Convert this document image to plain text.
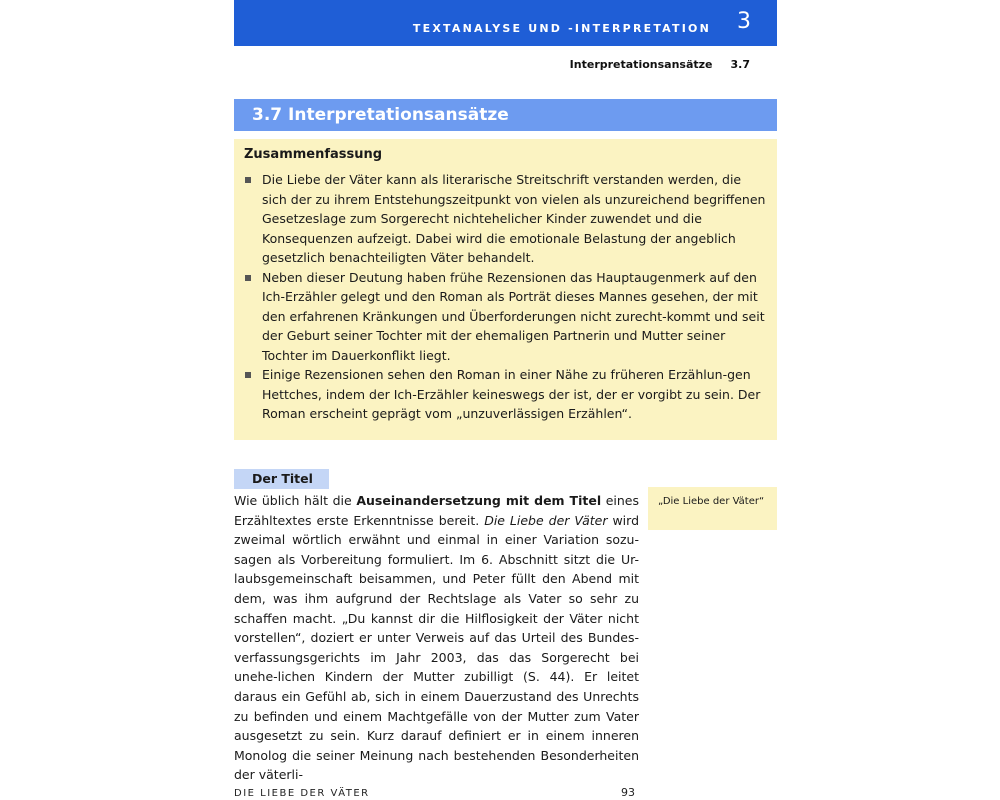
TEXTANALYSE UND -INTERPRETATION 3
Interpretationsansätze 3.7
3.7 Interpretationsansätze
Zusammenfassung
Die Liebe der Väter kann als literarische Streitschrift verstanden werden, die sich der zu ihrem Entstehungszeitpunkt von vielen als unzureichend begriffenen Gesetzeslage zum Sorgerecht nichtehelicher Kinder zuwendet und die Konsequenzen aufzeigt. Dabei wird die emotionale Belastung der angeblich gesetzlich benachteiligten Väter behandelt.
Neben dieser Deutung haben frühe Rezensionen das Hauptaugenmerk auf den Ich-Erzähler gelegt und den Roman als Porträt dieses Mannes gesehen, der mit den erfahrenen Kränkungen und Überforderungen nicht zurecht-kommt und seit der Geburt seiner Tochter mit der ehemaligen Partnerin und Mutter seiner Tochter im Dauerkonflikt liegt.
Einige Rezensionen sehen den Roman in einer Nähe zu früheren Erzählun-gen Hettches, indem der Ich-Erzähler keineswegs der ist, der er vorgibt zu sein. Der Roman erscheint geprägt vom „unzuverlässigen Erzählen“.
Der Titel
Wie üblich hält die Auseinandersetzung mit dem Titel eines Erzähltextes erste Erkenntnisse bereit. Die Liebe der Väter wird zweimal wörtlich erwähnt und einmal in einer Variation sozu-sagen als Vorbereitung formuliert. Im 6. Abschnitt sitzt die Ur-laubsgemeinschaft beisammen, und Peter füllt den Abend mit dem, was ihm aufgrund der Rechtslage als Vater so sehr zu schaffen macht. „Du kannst dir die Hilflosigkeit der Väter nicht vorstellen“, doziert er unter Verweis auf das Urteil des Bundes-verfassungsgerichts im Jahr 2003, das das Sorgerecht bei unehe-lichen Kindern der Mutter zubilligt (S. 44). Er leitet daraus ein Gefühl ab, sich in einem Dauerzustand des Unrechts zu befinden und einem Machtgefälle von der Mutter zum Vater ausgesetzt zu sein. Kurz darauf definiert er in einem inneren Monolog die seiner Meinung nach bestehenden Besonderheiten der väterli-
„Die Liebe der Väter“
DIE LIEBE DER VÄTER	93
